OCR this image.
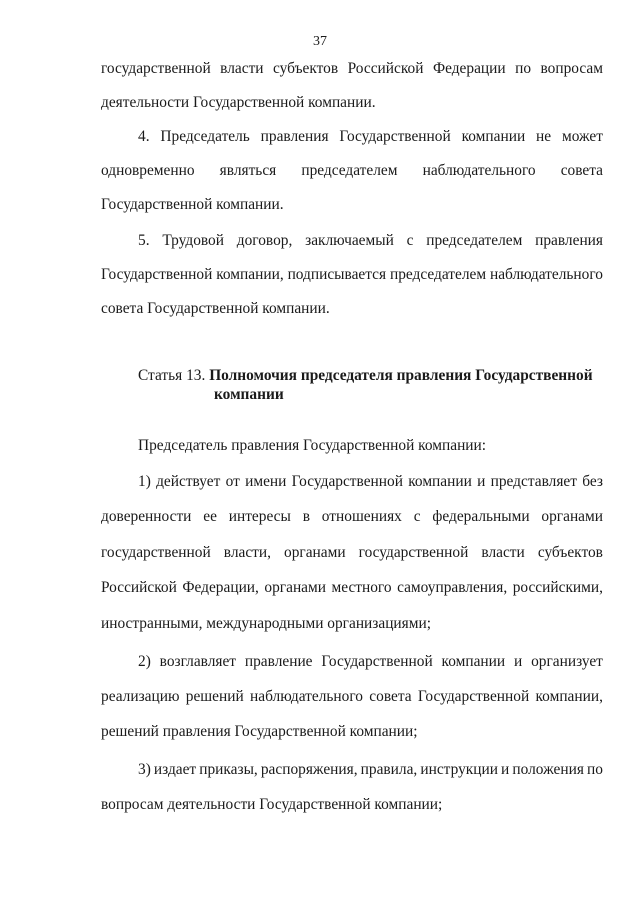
37
государственной власти субъектов Российской Федерации по вопросам
деятельности Государственной компании.
4. Председатель правления Государственной компании не может
одновременно являться председателем наблюдательного совета
Государственной компании.
5. Трудовой договор, заключаемый с председателем правления
Государственной компании, подписывается председателем наблюдательного
совета Государственной компании.
Статья 13. Полномочия председателя правления Государственной
компании
Председатель правления Государственной компании:
1) действует от имени Государственной компании и представляет без
доверенности ее интересы в отношениях с федеральными органами
государственной власти, органами государственной власти субъектов
Российской Федерации, органами местного самоуправления, российскими,
иностранными, международными организациями;
2) возглавляет правление Государственной компании и организует
реализацию решений наблюдательного совета Государственной компании,
решений правления Государственной компании;
3) издает приказы, распоряжения, правила, инструкции и положения по
вопросам деятельности Государственной компании;
